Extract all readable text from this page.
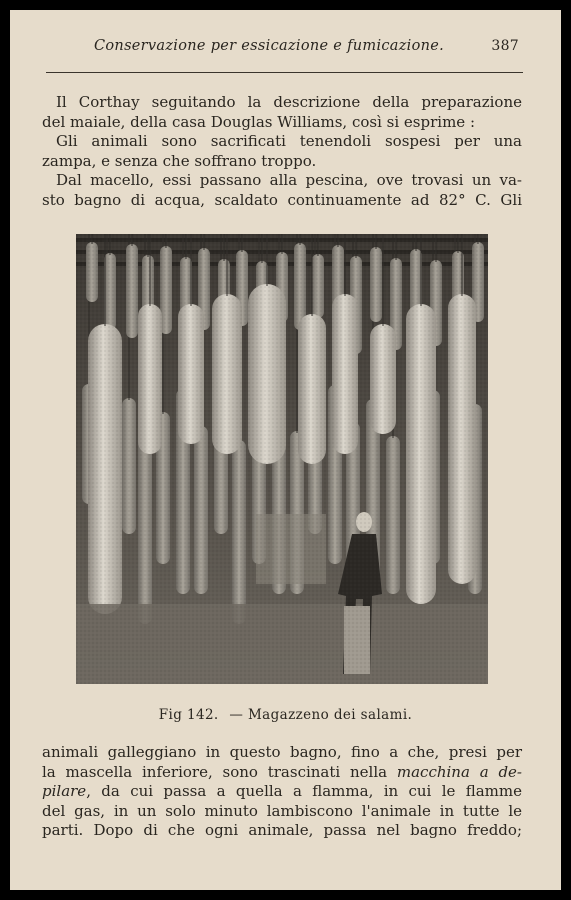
Conservazione per essicazione e fumicazione.	387

Il Corthay seguitando la descrizione della preparazione
del maiale, della casa Douglas Williams, così si esprime :

Gli animali sono sacrificati tenendoli sospesi per una
zampa, e senza che soffrano troppo.

Dal macello, essi passano alla pescina, ove trovasi un va-
sto bagno di acqua, scaldato continuamente ad 82° C. Gli

Fig 142. — Magazzeno dei salami.

animali galleggiano in questo bagno, fino a che, presi per
la mascella inferiore, sono trascinati nella macchina a de-
pilare, da cui passa a quella a flamma, in cui le flamme
del gas, in un solo minuto lambiscono l'animale in tutte le
parti. Dopo di che ogni animale, passa nel bagno freddo;
